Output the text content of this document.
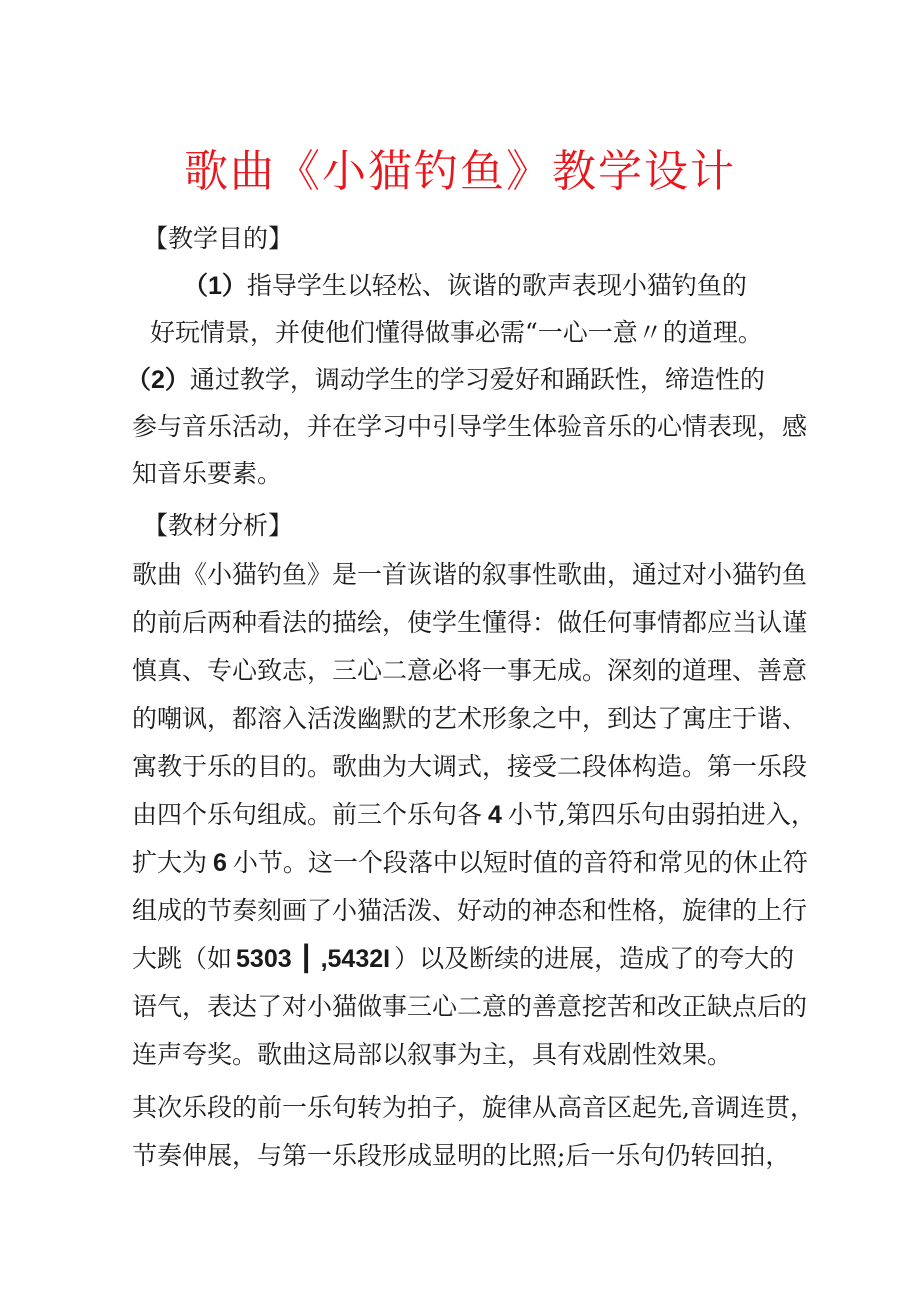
歌曲《小猫钓鱼》教学设计
【教学目的】
（1）指导学生以轻松、诙谐的歌声表现小猫钓鱼的
好玩情景，并使他们懂得做事必需“一心一意〃的道理。
（2）通过教学，调动学生的学习爱好和踊跃性，缔造性的
参与音乐活动，并在学习中引导学生体验音乐的心情表现，感
知音乐要素。
【教材分析】
歌曲《小猫钓鱼》是一首诙谐的叙事性歌曲，通过对小猫钓鱼
的前后两种看法的描绘，使学生懂得：做任何事情都应当认谨
慎真、专心致志，三心二意必将一事无成。深刻的道理、善意
的嘲讽，都溶入活泼幽默的艺术形象之中，到达了寓庄于谐、
寓教于乐的目的。歌曲为大调式，接受二段体构造。第一乐段
由四个乐句组成。前三个乐句各 4 小节,第四乐句由弱拍进入，
扩大为 6 小节。这一个段落中以短时值的音符和常见的休止符
组成的节奏刻画了小猫活泼、好动的神态和性格，旋律的上行
大跳（如 5303 ┃ ,5432I ）以及断续的进展，造成了的夸大的
语气，表达了对小猫做事三心二意的善意挖苦和改正缺点后的
连声夸奖。歌曲这局部以叙事为主，具有戏剧性效果。
其次乐段的前一乐句转为拍子，旋律从高音区起先,音调连贯，
节奏伸展，与第一乐段形成显明的比照;后一乐句仍转回拍，
